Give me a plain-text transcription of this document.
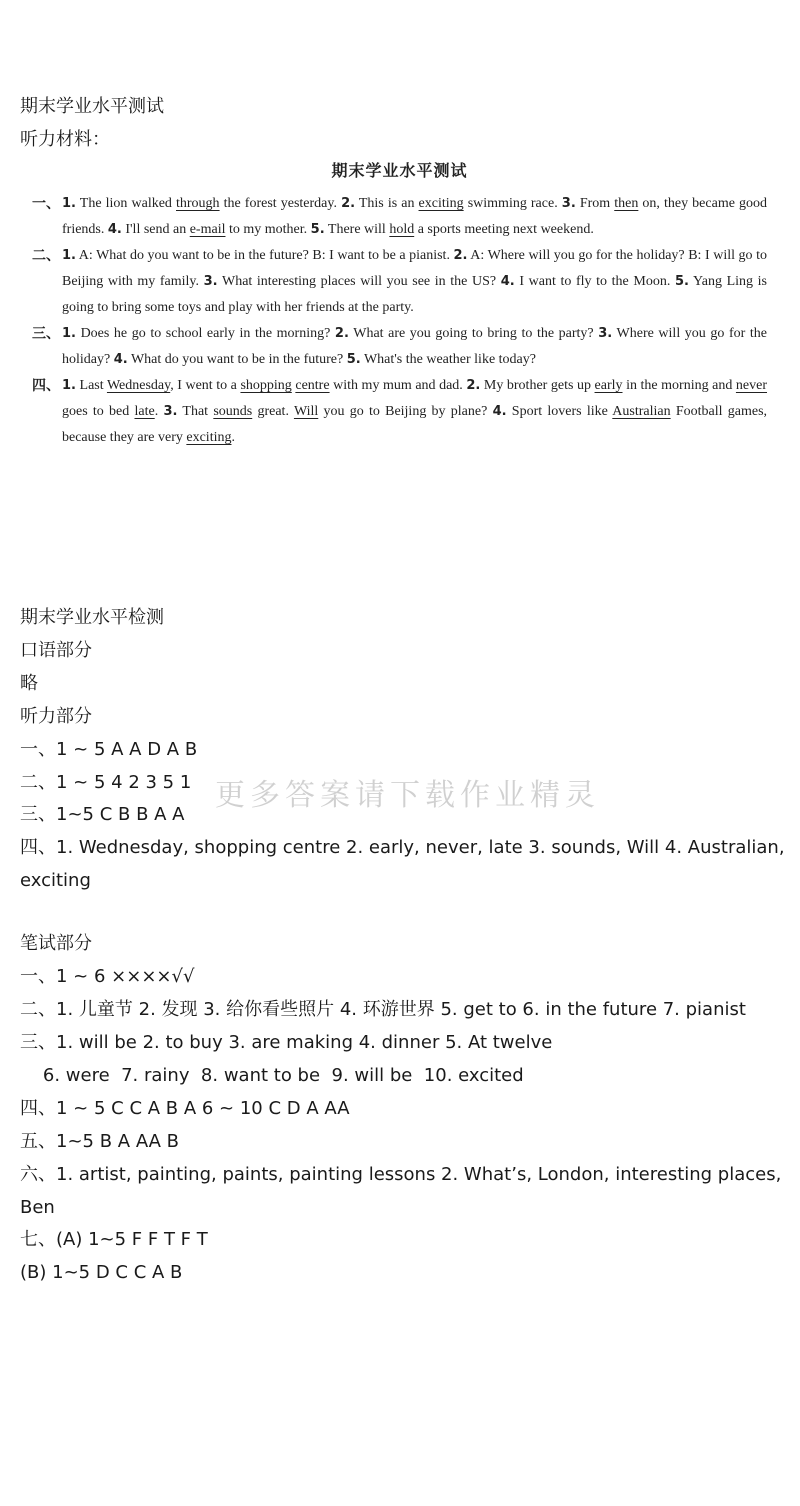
期末学业水平测试
听力材料：
期末学业水平测试
一、 1. The lion walked through the forest yesterday. 2. This is an exciting swimming race. 3. From then on, they became good friends. 4. I'll send an e-mail to my mother. 5. There will hold a sports meeting next weekend.
二、 1. A: What do you want to be in the future? B: I want to be a pianist. 2. A: Where will you go for the holiday? B: I will go to Beijing with my family. 3. What interesting places will you see in the US? 4. I want to fly to the Moon. 5. Yang Ling is going to bring some toys and play with her friends at the party.
三、 1. Does he go to school early in the morning? 2. What are you going to bring to the party? 3. Where will you go for the holiday? 4. What do you want to be in the future? 5. What's the weather like today?
四、 1. Last Wednesday, I went to a shopping centre with my mum and dad. 2. My brother gets up early in the morning and never goes to bed late. 3. That sounds great. Will you go to Beijing by plane? 4. Sport lovers like Australian Football games, because they are very exciting.
更多答案请下载作业精灵
期末学业水平检测
口语部分
略
听力部分
一、1 ~ 5 A A D A B
二、1 ~ 5 4 2 3 5 1
三、1~5 C B B A A
四、1. Wednesday, shopping centre 2. early, never, late 3. sounds, Will 4. Australian,
exciting
笔试部分
一、1 ~ 6 ××××√√
二、1. 儿童节 2. 发现 3. 给你看些照片 4. 环游世界 5. get to 6. in the future 7. pianist
三、1. will be 2. to buy 3. are making 4. dinner 5. At twelve
6. were  7. rainy  8. want to be  9. will be  10. excited
四、1 ~ 5 C C A B A 6 ~ 10 C D A AA
五、1~5 B A AA B
六、1. artist, painting, paints, painting lessons 2. What’s, London, interesting places,
Ben
七、(A) 1~5 F F T F T
(B) 1~5 D C C A B
